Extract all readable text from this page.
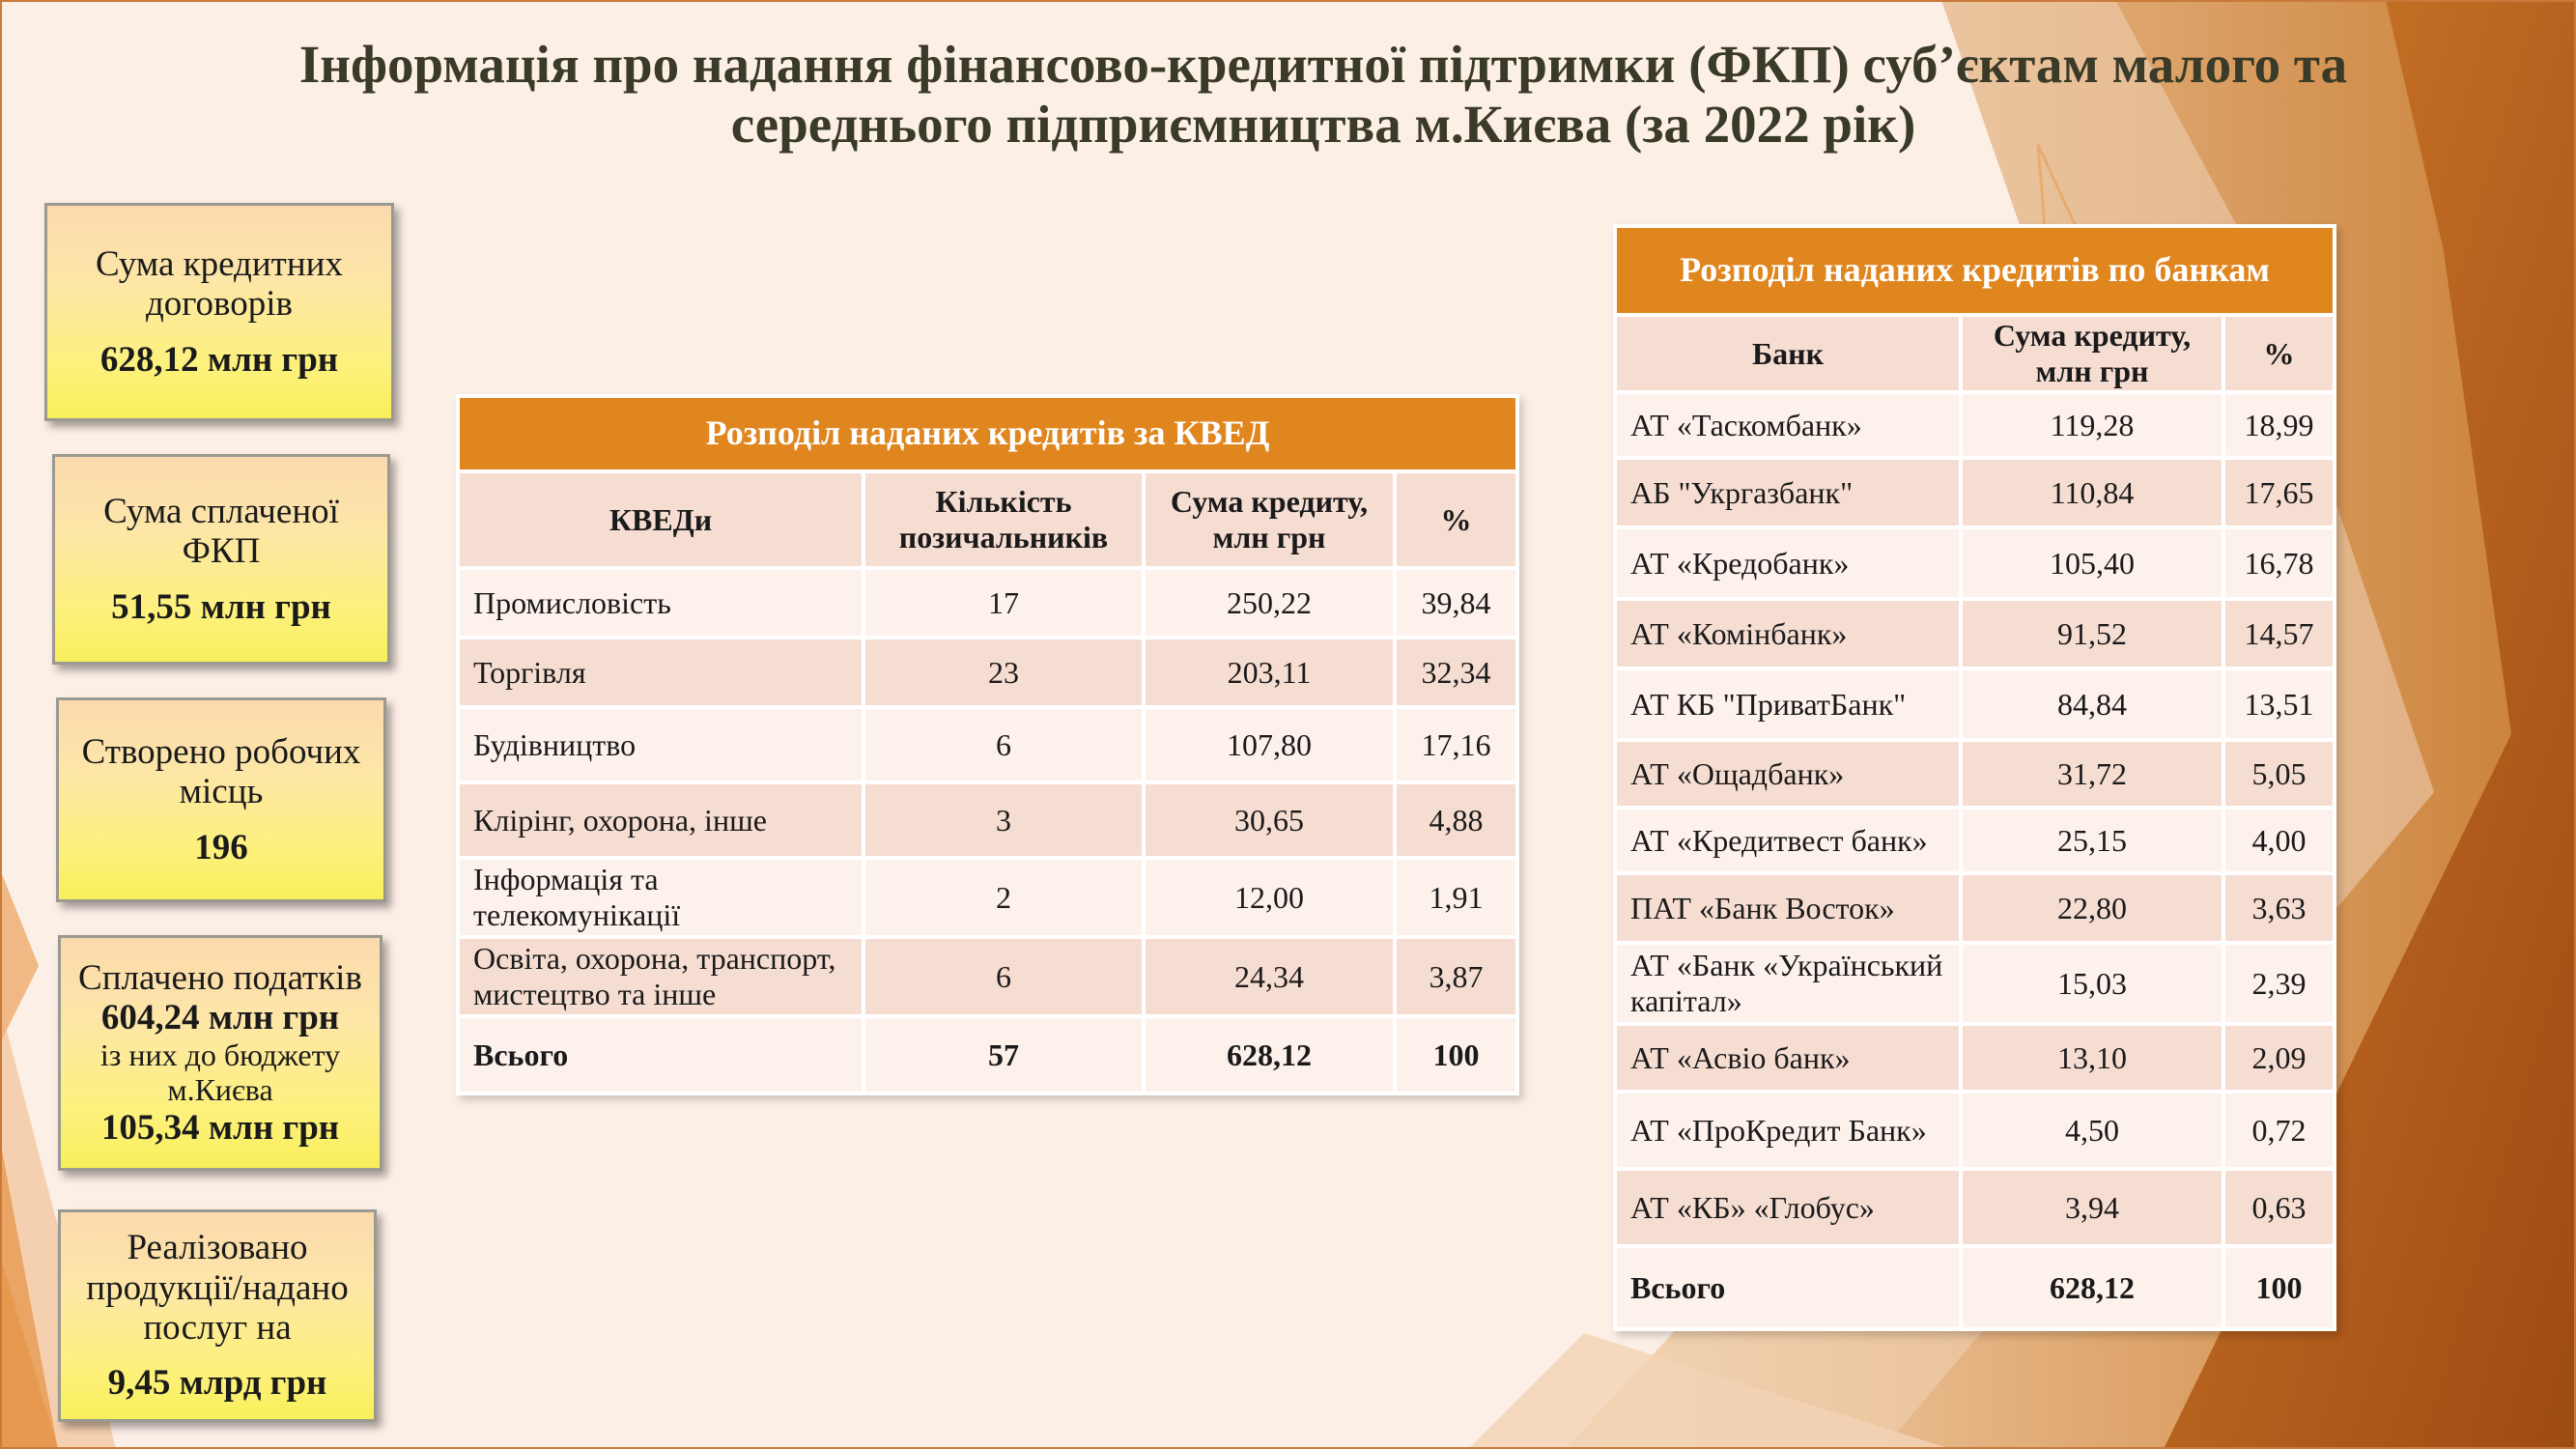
Інформація про надання фінансово-кредитної підтримки (ФКП) суб’єктам малого та
середнього підприємництва м.Києва (за 2022 рік)
Сума кредитних договорів
628,12 млн грн
Сума сплаченої ФКП
51,55 млн грн
Створено робочих місць
196
Сплачено податків
604,24 млн грн
із них до бюджету м.Києва
105,34 млн грн
Реалізовано продукції/надано послуг на
9,45 млрд грн
Розподіл наданих кредитів за КВЕД			
КВЕДи	Кількість позичальників	Сума кредиту, млн грн	%
Промисловість	17	250,22	39,84
Торгівля	23	203,11	32,34
Будівництво	6	107,80	17,16
Клірінг, охорона, інше	3	30,65	4,88
Інформація та телекомунікації	2	12,00	1,91
Освіта, охорона, транспорт, мистецтво та інше	6	24,34	3,87
Всього	57	628,12	100
Розподіл наданих кредитів по банкам		
Банк	Сума кредиту, млн грн	%
АТ «Таскомбанк»	119,28	18,99
АБ "Укргазбанк"	110,84	17,65
АТ «Кредобанк»	105,40	16,78
АТ «Комінбанк»	91,52	14,57
АТ КБ "ПриватБанк"	84,84	13,51
АТ «Ощадбанк»	31,72	5,05
АТ «Кредитвест банк»	25,15	4,00
ПАТ «Банк Восток»	22,80	3,63
АТ «Банк «Український капітал»	15,03	2,39
АТ «Асвіо банк»	13,10	2,09
АТ «ПроКредит Банк»	4,50	0,72
АТ «КБ» «Глобус»	3,94	0,63
Всього	628,12	100
